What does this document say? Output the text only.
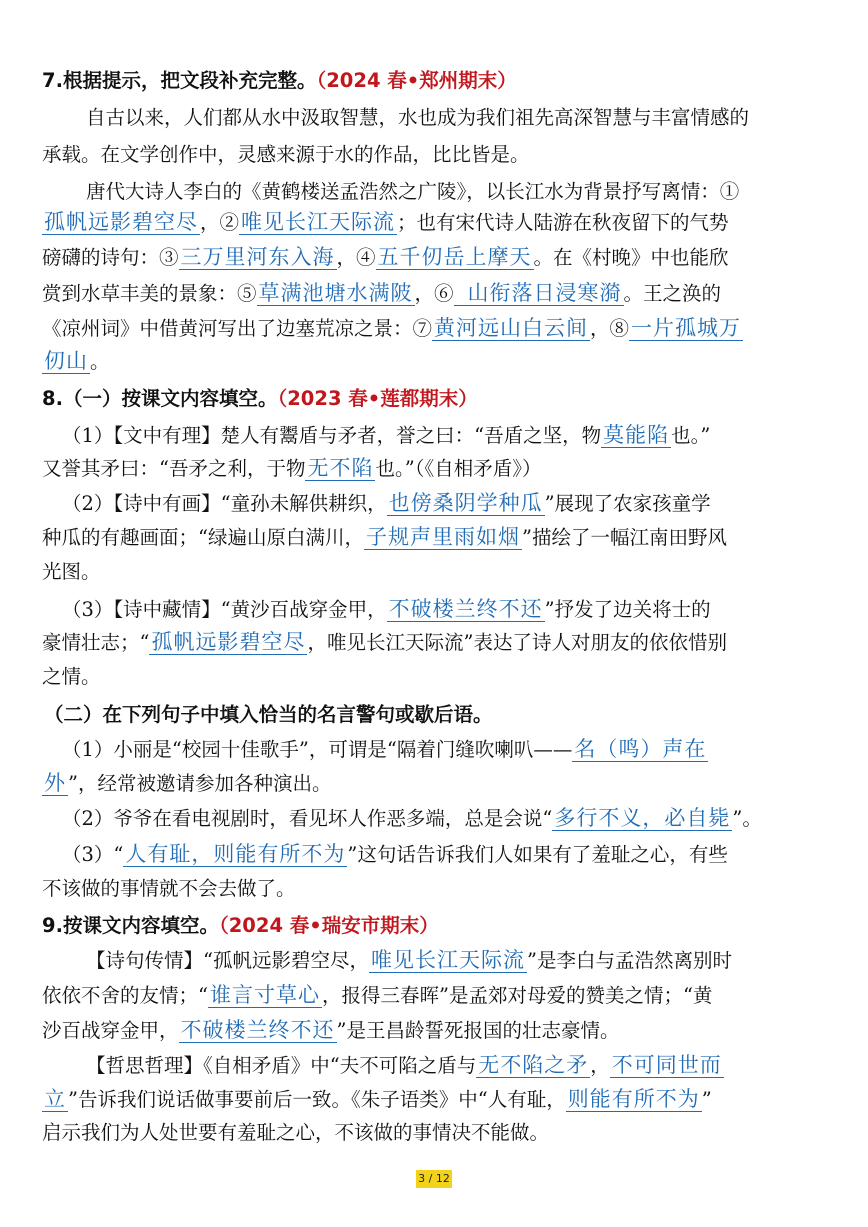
7.根据提示，把文段补充完整。（2024 春•郑州期末）
自古以来，人们都从水中汲取智慧，水也成为我们祖先高深智慧与丰富情感的
承载。在文学创作中，灵感来源于水的作品，比比皆是。
唐代大诗人李白的《黄鹤楼送孟浩然之广陵》，以长江水为背景抒写离情：①
孤帆远影碧空尽 ，②唯见长江天际流 ；也有宋代诗人陆游在秋夜留下的气势
磅礴的诗句：③三万里河东入海 ，④五千仞岳上摩天 。在《村晚》中也能欣
赏到水草丰美的景象：⑤草满池塘水满陂 ，⑥ 山衔落日浸寒漪 。王之涣的
《凉州词》中借黄河写出了边塞荒凉之景：⑦黄河远山白云间 ，⑧一片孤城万
仞山 。
8.（一）按课文内容填空。（2023 春•莲都期末）
（1）【文中有理】楚人有鬻盾与矛者，誉之曰：“吾盾之坚，物莫能陷 也。”
又誉其矛曰：“吾矛之利，于物无不陷 也。”（《自相矛盾》）
（2）【诗中有画】“童孙未解供耕织，也傍桑阴学种瓜 ”展现了农家孩童学
种瓜的有趣画面；“绿遍山原白满川，子规声里雨如烟 ”描绘了一幅江南田野风
光图。
（3）【诗中藏情】“黄沙百战穿金甲，不破楼兰终不还 ”抒发了边关将士的
豪情壮志；“孤帆远影碧空尽 ，唯见长江天际流”表达了诗人对朋友的依依惜别
之情。
（二）在下列句子中填入恰当的名言警句或歇后语。
（1）小丽是“校园十佳歌手”，可谓是“隔着门缝吹喇叭——名（鸣）声在
外 ”，经常被邀请参加各种演出。
（2）爷爷在看电视剧时，看见坏人作恶多端，总是会说“多行不义，必自毙 ”。
（3）“人有耻，则能有所不为 ”这句话告诉我们人如果有了羞耻之心，有些
不该做的事情就不会去做了。
9.按课文内容填空。（2024 春•瑞安市期末）
【诗句传情】“孤帆远影碧空尽，唯见长江天际流 ”是李白与孟浩然离别时
依依不舍的友情；“谁言寸草心 ，报得三春晖”是孟郊对母爱的赞美之情；“黄
沙百战穿金甲，不破楼兰终不还 ”是王昌龄誓死报国的壮志豪情。
【哲思哲理】《自相矛盾》中“夫不可陷之盾与无不陷之矛 ，不可同世而
立 ”告诉我们说话做事要前后一致。《朱子语类》中“人有耻，则能有所不为 ”
启示我们为人处世要有羞耻之心，不该做的事情决不能做。
3 / 12
